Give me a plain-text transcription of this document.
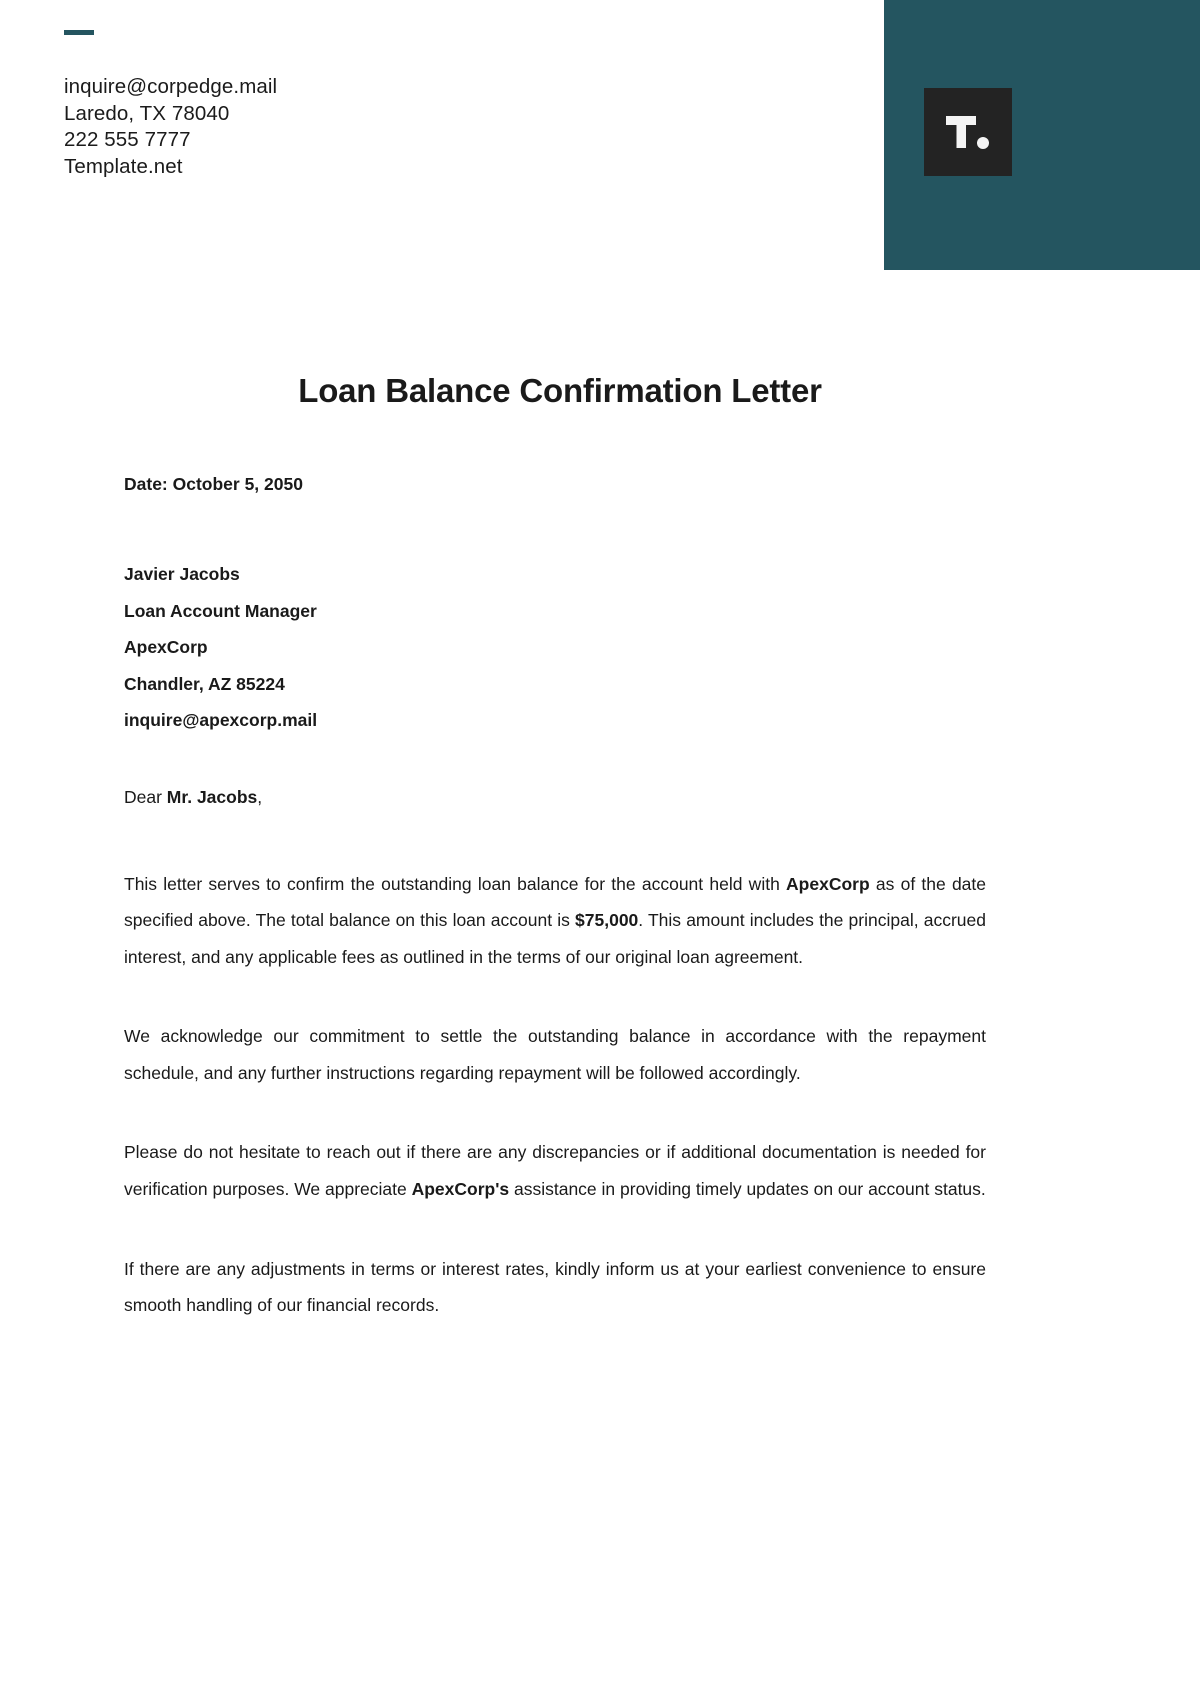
inquire@corpedge.mail
Laredo, TX 78040
222 555 7777
Template.net
Loan Balance Confirmation Letter
Date: October 5, 2050
Javier Jacobs
Loan Account Manager
ApexCorp
Chandler, AZ 85224
inquire@apexcorp.mail
Dear Mr. Jacobs,
This letter serves to confirm the outstanding loan balance for the account held with ApexCorp as of the date specified above. The total balance on this loan account is $75,000. This amount includes the principal, accrued interest, and any applicable fees as outlined in the terms of our original loan agreement.
We acknowledge our commitment to settle the outstanding balance in accordance with the repayment schedule, and any further instructions regarding repayment will be followed accordingly.
Please do not hesitate to reach out if there are any discrepancies or if additional documentation is needed for verification purposes. We appreciate ApexCorp's assistance in providing timely updates on our account status.
If there are any adjustments in terms or interest rates, kindly inform us at your earliest convenience to ensure smooth handling of our financial records.
